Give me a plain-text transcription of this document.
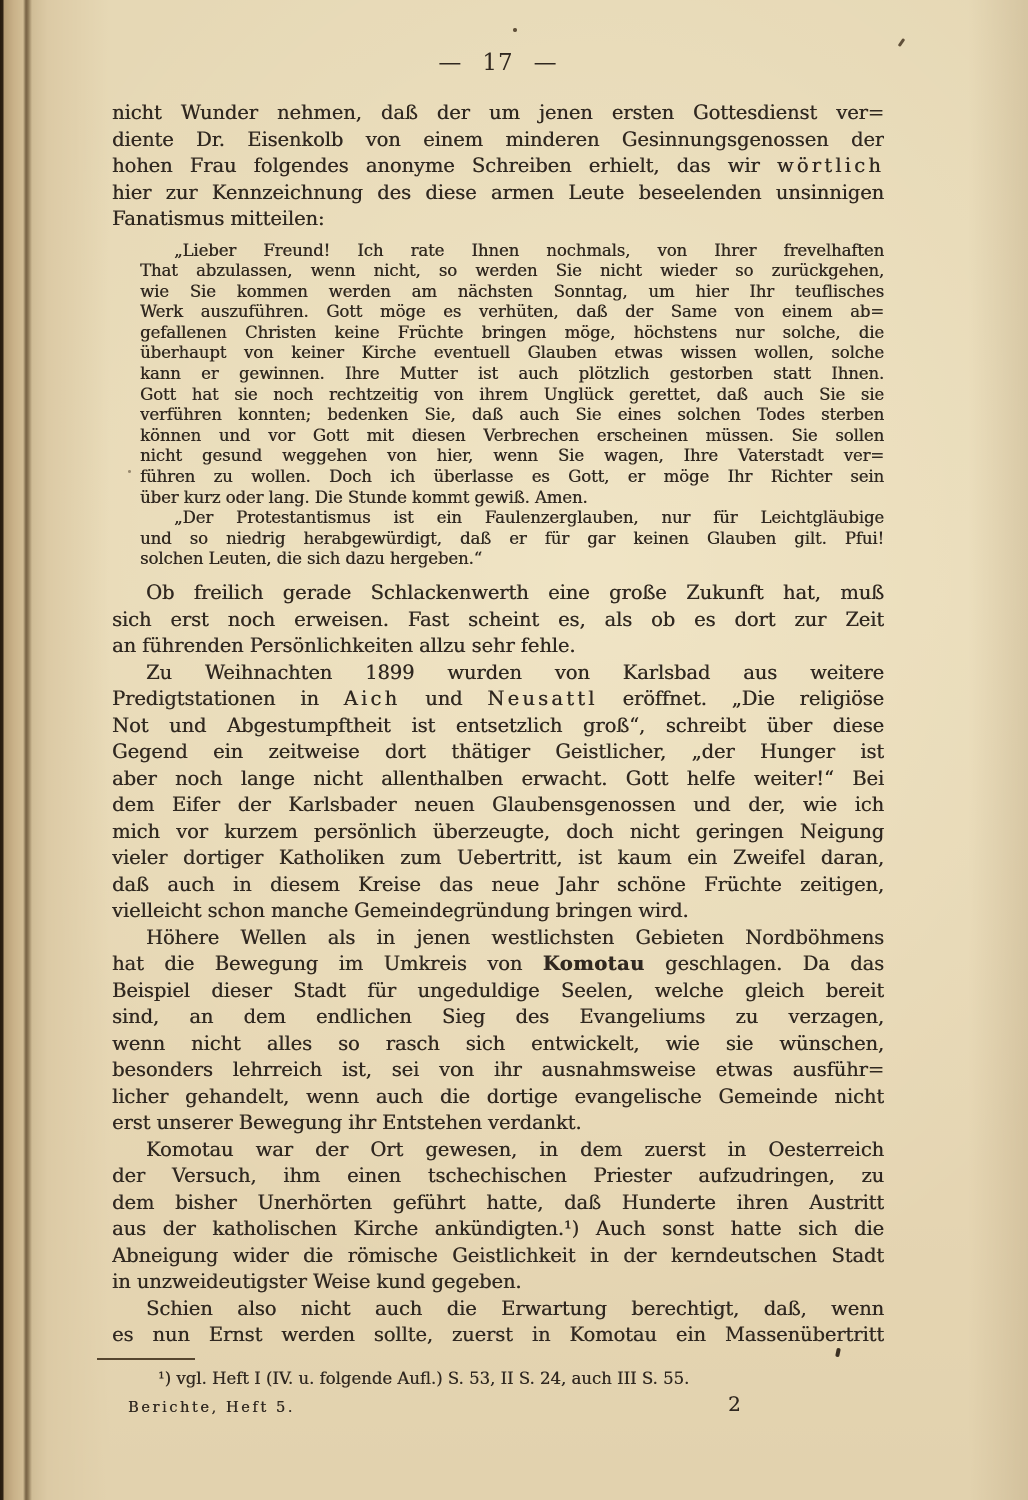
— 17 —
nicht Wunder nehmen, daß der um jenen ersten Gottesdienst ver=
diente Dr. Eisenkolb von einem minderen Gesinnungsgenossen der
hohen Frau folgendes anonyme Schreiben erhielt, das wir wörtlich
hier zur Kennzeichnung des diese armen Leute beseelenden unsinnigen
Fanatismus mitteilen:
„Lieber Freund! Ich rate Ihnen nochmals, von Ihrer frevelhaften
That abzulassen, wenn nicht, so werden Sie nicht wieder so zurückgehen,
wie Sie kommen werden am nächsten Sonntag, um hier Ihr teuflisches
Werk auszuführen. Gott möge es verhüten, daß der Same von einem ab=
gefallenen Christen keine Früchte bringen möge, höchstens nur solche, die
überhaupt von keiner Kirche eventuell Glauben etwas wissen wollen, solche
kann er gewinnen. Ihre Mutter ist auch plötzlich gestorben statt Ihnen.
Gott hat sie noch rechtzeitig von ihrem Unglück gerettet, daß auch Sie sie
verführen konnten; bedenken Sie, daß auch Sie eines solchen Todes sterben
können und vor Gott mit diesen Verbrechen erscheinen müssen. Sie sollen
nicht gesund weggehen von hier, wenn Sie wagen, Ihre Vaterstadt ver=
führen zu wollen. Doch ich überlasse es Gott, er möge Ihr Richter sein
über kurz oder lang. Die Stunde kommt gewiß. Amen.
„Der Protestantismus ist ein Faulenzerglauben, nur für Leichtgläubige
und so niedrig herabgewürdigt, daß er für gar keinen Glauben gilt. Pfui!
solchen Leuten, die sich dazu hergeben.“
Ob freilich gerade Schlackenwerth eine große Zukunft hat, muß
sich erst noch erweisen. Fast scheint es, als ob es dort zur Zeit
an führenden Persönlichkeiten allzu sehr fehle.
Zu Weihnachten 1899 wurden von Karlsbad aus weitere
Predigtstationen in Aich und Neusattl eröffnet. „Die religiöse
Not und Abgestumpftheit ist entsetzlich groß“, schreibt über diese
Gegend ein zeitweise dort thätiger Geistlicher, „der Hunger ist
aber noch lange nicht allenthalben erwacht. Gott helfe weiter!“ Bei
dem Eifer der Karlsbader neuen Glaubensgenossen und der, wie ich
mich vor kurzem persönlich überzeugte, doch nicht geringen Neigung
vieler dortiger Katholiken zum Uebertritt, ist kaum ein Zweifel daran,
daß auch in diesem Kreise das neue Jahr schöne Früchte zeitigen,
vielleicht schon manche Gemeindegründung bringen wird.
Höhere Wellen als in jenen westlichsten Gebieten Nordböhmens
hat die Bewegung im Umkreis von Komotau geschlagen. Da das
Beispiel dieser Stadt für ungeduldige Seelen, welche gleich bereit
sind, an dem endlichen Sieg des Evangeliums zu verzagen,
wenn nicht alles so rasch sich entwickelt, wie sie wünschen,
besonders lehrreich ist, sei von ihr ausnahmsweise etwas ausführ=
licher gehandelt, wenn auch die dortige evangelische Gemeinde nicht
erst unserer Bewegung ihr Entstehen verdankt.
Komotau war der Ort gewesen, in dem zuerst in Oesterreich
der Versuch, ihm einen tschechischen Priester aufzudringen, zu
dem bisher Unerhörten geführt hatte, daß Hunderte ihren Austritt
aus der katholischen Kirche ankündigten.¹) Auch sonst hatte sich die
Abneigung wider die römische Geistlichkeit in der kerndeutschen Stadt
in unzweideutigster Weise kund gegeben.
Schien also nicht auch die Erwartung berechtigt, daß, wenn
es nun Ernst werden sollte, zuerst in Komotau ein Massenübertritt
¹) vgl. Heft I (IV. u. folgende Aufl.) S. 53, II S. 24, auch III S. 55.
Berichte, Heft 5.	2
